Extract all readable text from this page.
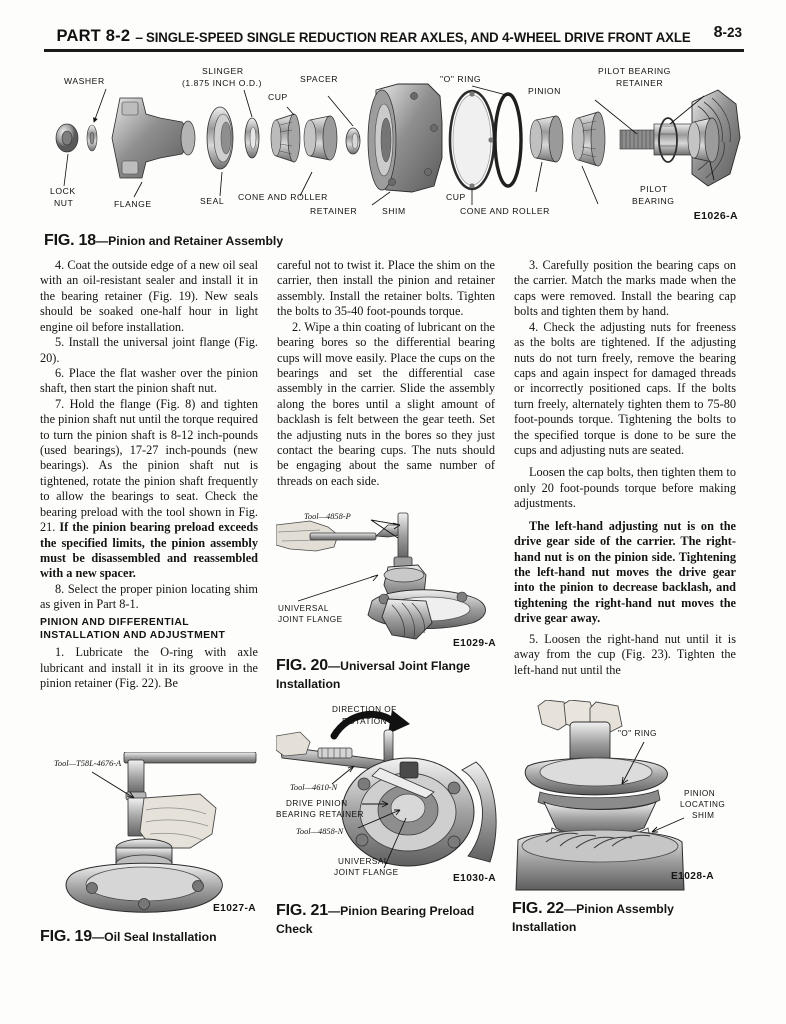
PART 8-2 – SINGLE-SPEED SINGLE REDUCTION REAR AXLES, AND 4-WHEEL DRIVE FRONT AXLE 8-23
WASHER
SLINGER
(1.875 INCH O.D.)	SPACER
CUP
"O" RING
PINION
PILOT BEARING
RETAINER
LOCK
NUT	FLANGE	SEAL CONE AND ROLLER
RETAINER	SHIM
CUP
CONE AND ROLLER
PILOT
BEARING
E1026-A
FIG. 18—Pinion and Retainer Assembly

4. Coat the outside edge of a new oil seal with an oil-resistant sealer and install it in the bearing retainer (Fig. 19). New seals should be soaked one-half hour in light engine oil before installation.

5. Install the universal joint flange (Fig. 20).

6. Place the flat washer over the pinion shaft, then start the pinion shaft nut.

7. Hold the flange (Fig. 8) and tighten the pinion shaft nut until the torque required to turn the pinion shaft is 8-12 inch-pounds (used bearings), 17-27 inch-pounds (new bearings). As the pinion shaft nut is tightened, rotate the pinion shaft frequently to allow the bearings to seat. Check the bearing preload with the tool shown in Fig. 21. If the pinion bearing preload exceeds the specified limits, the pinion assembly must be disassembled and reassembled with a new spacer.

8. Select the proper pinion locating shim as given in Part 8-1.

PINION AND DIFFERENTIAL

INSTALLATION AND ADJUSTMENT

1. Lubricate the O-ring with axle lubricant and install it in its groove in the pinion retainer (Fig. 22). Be

careful not to twist it. Place the shim on the carrier, then install the pinion and retainer assembly. Install the retainer bolts. Tighten the bolts to 35-40 foot-pounds torque.

2. Wipe a thin coating of lubricant on the bearing bores so the differential bearing cups will move easily. Place the cups on the bearings and set the differential case assembly in the carrier. Slide the assembly along the bores until a slight amount of backlash is felt between the gear teeth. Set the adjusting nuts in the bores so they just contact the bearing cups. The nuts should be engaging about the same number of threads on each side.

3. Carefully position the bearing caps on the carrier. Match the marks made when the caps were removed. Install the bearing cap bolts and tighten them by hand.

4. Check the adjusting nuts for freeness as the bolts are tightened. If the adjusting nuts do not turn freely, remove the bearing caps and again inspect for damaged threads or incorrectly positioned caps. If the bolts turn freely, alternately tighten them to 75-80 foot-pounds torque. Tightening the bolts to the specified torque is done to be sure the cups and adjusting nuts are seated.

Loosen the cap bolts, then tighten them to only 20 foot-pounds torque before making adjustments.

The left-hand adjusting nut is on the drive gear side of the carrier. The right-hand nut is on the pinion side. Tightening the left-hand nut moves the drive gear into the pinion to decrease backlash, and tightening the right-hand nut moves the drive gear away.

5. Loosen the right-hand nut until it is away from the cup (Fig. 23). Tighten the left-hand nut until the

Tool—4858-P
UNIVERSAL
JOINT FLANGE
E1029-A
FIG. 20—Universal Joint Flange
Installation
DIRECTION OF
ROTATION
Tool—4610-N
DRIVE PINION
BEARING RETAINER
Tool—4858-N
UNIVERSAL
JOINT FLANGE
E1030-A
FIG. 21—Pinion Bearing Preload
Check
Tool—T58L-4676-A
E1027-A
FIG. 19—Oil Seal Installation
"O" RING
PINION
LOCATING
SHIM
E1028-A
FIG. 22—Pinion Assembly
Installation
